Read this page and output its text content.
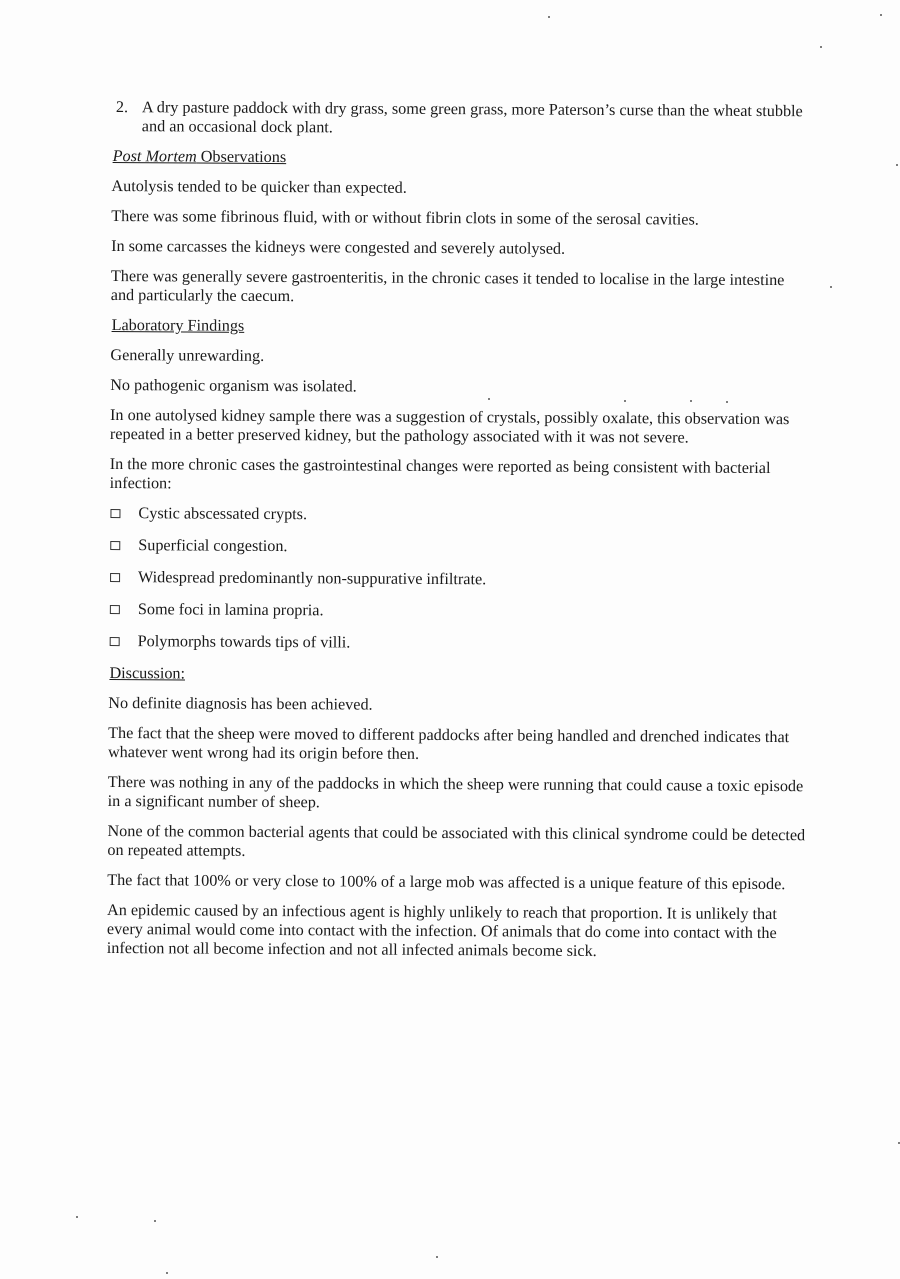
2. A dry pasture paddock with dry grass, some green grass, more Paterson’s curse than the wheat stubble and an occasional dock plant.
Post Mortem Observations

Autolysis tended to be quicker than expected.

There was some fibrinous fluid, with or without fibrin clots in some of the serosal cavities.

In some carcasses the kidneys were congested and severely autolysed.

There was generally severe gastroenteritis, in the chronic cases it tended to localise in the large intestine and particularly the caecum.

Laboratory Findings

Generally unrewarding.

No pathogenic organism was isolated.

In one autolysed kidney sample there was a suggestion of crystals, possibly oxalate, this observation was repeated in a better preserved kidney, but the pathology associated with it was not severe.

In the more chronic cases the gastrointestinal changes were reported as being consistent with bacterial infection:

Cystic abscessated crypts.
Superficial congestion.
Widespread predominantly non-suppurative infiltrate.
Some foci in lamina propria.
Polymorphs towards tips of villi.
Discussion:

No definite diagnosis has been achieved.

The fact that the sheep were moved to different paddocks after being handled and drenched indicates that whatever went wrong had its origin before then.

There was nothing in any of the paddocks in which the sheep were running that could cause a toxic episode in a significant number of sheep.

None of the common bacterial agents that could be associated with this clinical syndrome could be detected on repeated attempts.

The fact that 100% or very close to 100% of a large mob was affected is a unique feature of this episode.

An epidemic caused by an infectious agent is highly unlikely to reach that proportion. It is unlikely that every animal would come into contact with the infection. Of animals that do come into contact with the infection not all become infection and not all infected animals become sick.
